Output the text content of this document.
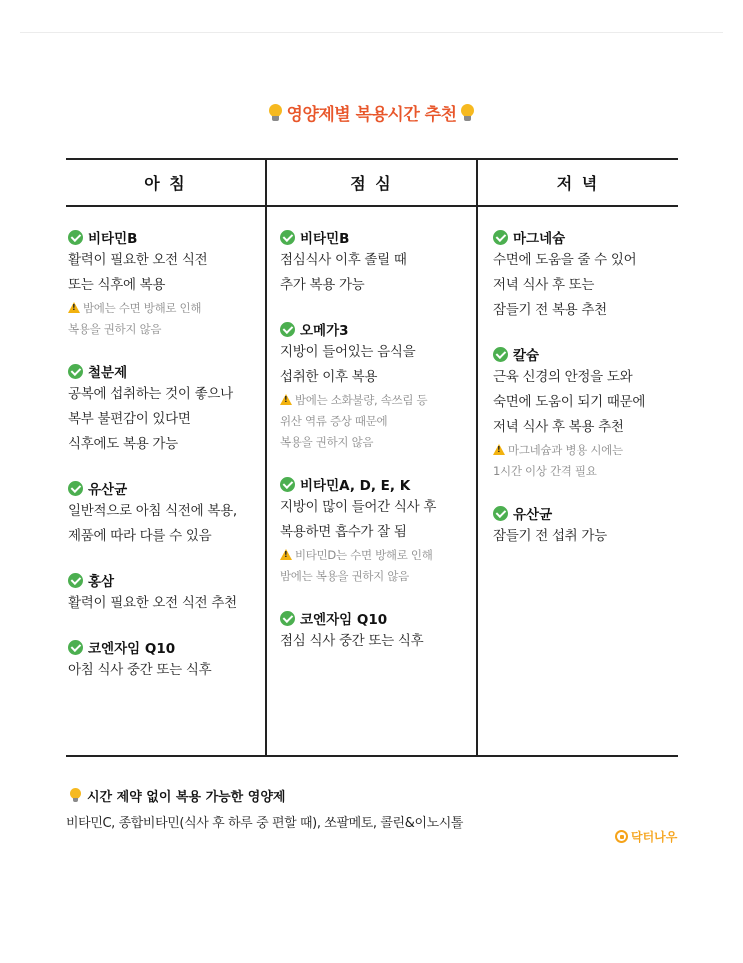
영양제별 복용시간 추천
아 침	점 심	저 녁
비타민B
활력이 필요한 오전 식전
또는 식후에 복용
!밤에는 수면 방해로 인해
복용을 권하지 않음
철분제
공복에 섭취하는 것이 좋으나
복부 불편감이 있다면
식후에도 복용 가능
유산균
일반적으로 아침 식전에 복용,
제품에 따라 다를 수 있음
홍삼
활력이 필요한 오전 식전 추천
코엔자임 Q10
아침 식사 중간 또는 식후
비타민B
점심식사 이후 졸릴 때
추가 복용 가능
오메가3
지방이 들어있는 음식을
섭취한 이후 복용
!밤에는 소화불량, 속쓰림 등
위산 역류 증상 때문에
복용을 권하지 않음
비타민A, D, E, K
지방이 많이 들어간 식사 후
복용하면 흡수가 잘 됨
!비타민D는 수면 방해로 인해
밤에는 복용을 권하지 않음
코엔자임 Q10
점심 식사 중간 또는 식후
마그네슘
수면에 도움을 줄 수 있어
저녁 식사 후 또는
잠들기 전 복용 추천
칼슘
근육 신경의 안정을 도와
숙면에 도움이 되기 때문에
저녁 식사 후 복용 추천
!마그네슘과 병용 시에는
1시간 이상 간격 필요
유산균
잠들기 전 섭취 가능
시간 제약 없이 복용 가능한 영양제
비타민C, 종합비타민(식사 후 하루 중 편할 때), 쏘팔메토, 콜린&이노시톨
닥터나우
